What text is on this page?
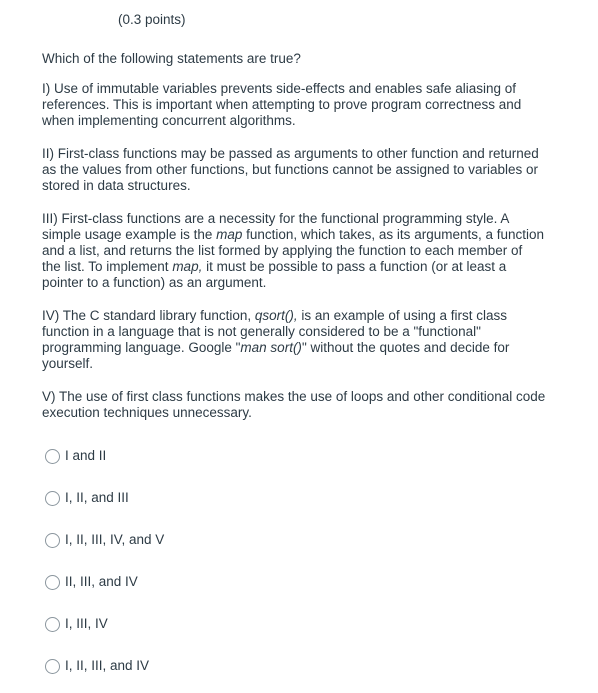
(0.3 points)
Which of the following statements are true?
I) Use of immutable variables prevents side-effects and enables safe aliasing of
references. This is important when attempting to prove program correctness and
when implementing concurrent algorithms.
II) First-class functions may be passed as arguments to other function and returned
as the values from other functions, but functions cannot be assigned to variables or
stored in data structures.
III) First-class functions are a necessity for the functional programming style. A
simple usage example is the map function, which takes, as its arguments, a function
and a list, and returns the list formed by applying the function to each member of
the list. To implement map, it must be possible to pass a function (or at least a
pointer to a function) as an argument.
IV) The C standard library function, qsort(), is an example of using a first class
function in a language that is not generally considered to be a "functional"
programming language. Google "man sort()" without the quotes and decide for
yourself.
V) The use of first class functions makes the use of loops and other conditional code
execution techniques unnecessary.
I and II
I, II, and III
I, II, III, IV, and V
II, III, and IV
I, III, IV
I, II, III, and IV
